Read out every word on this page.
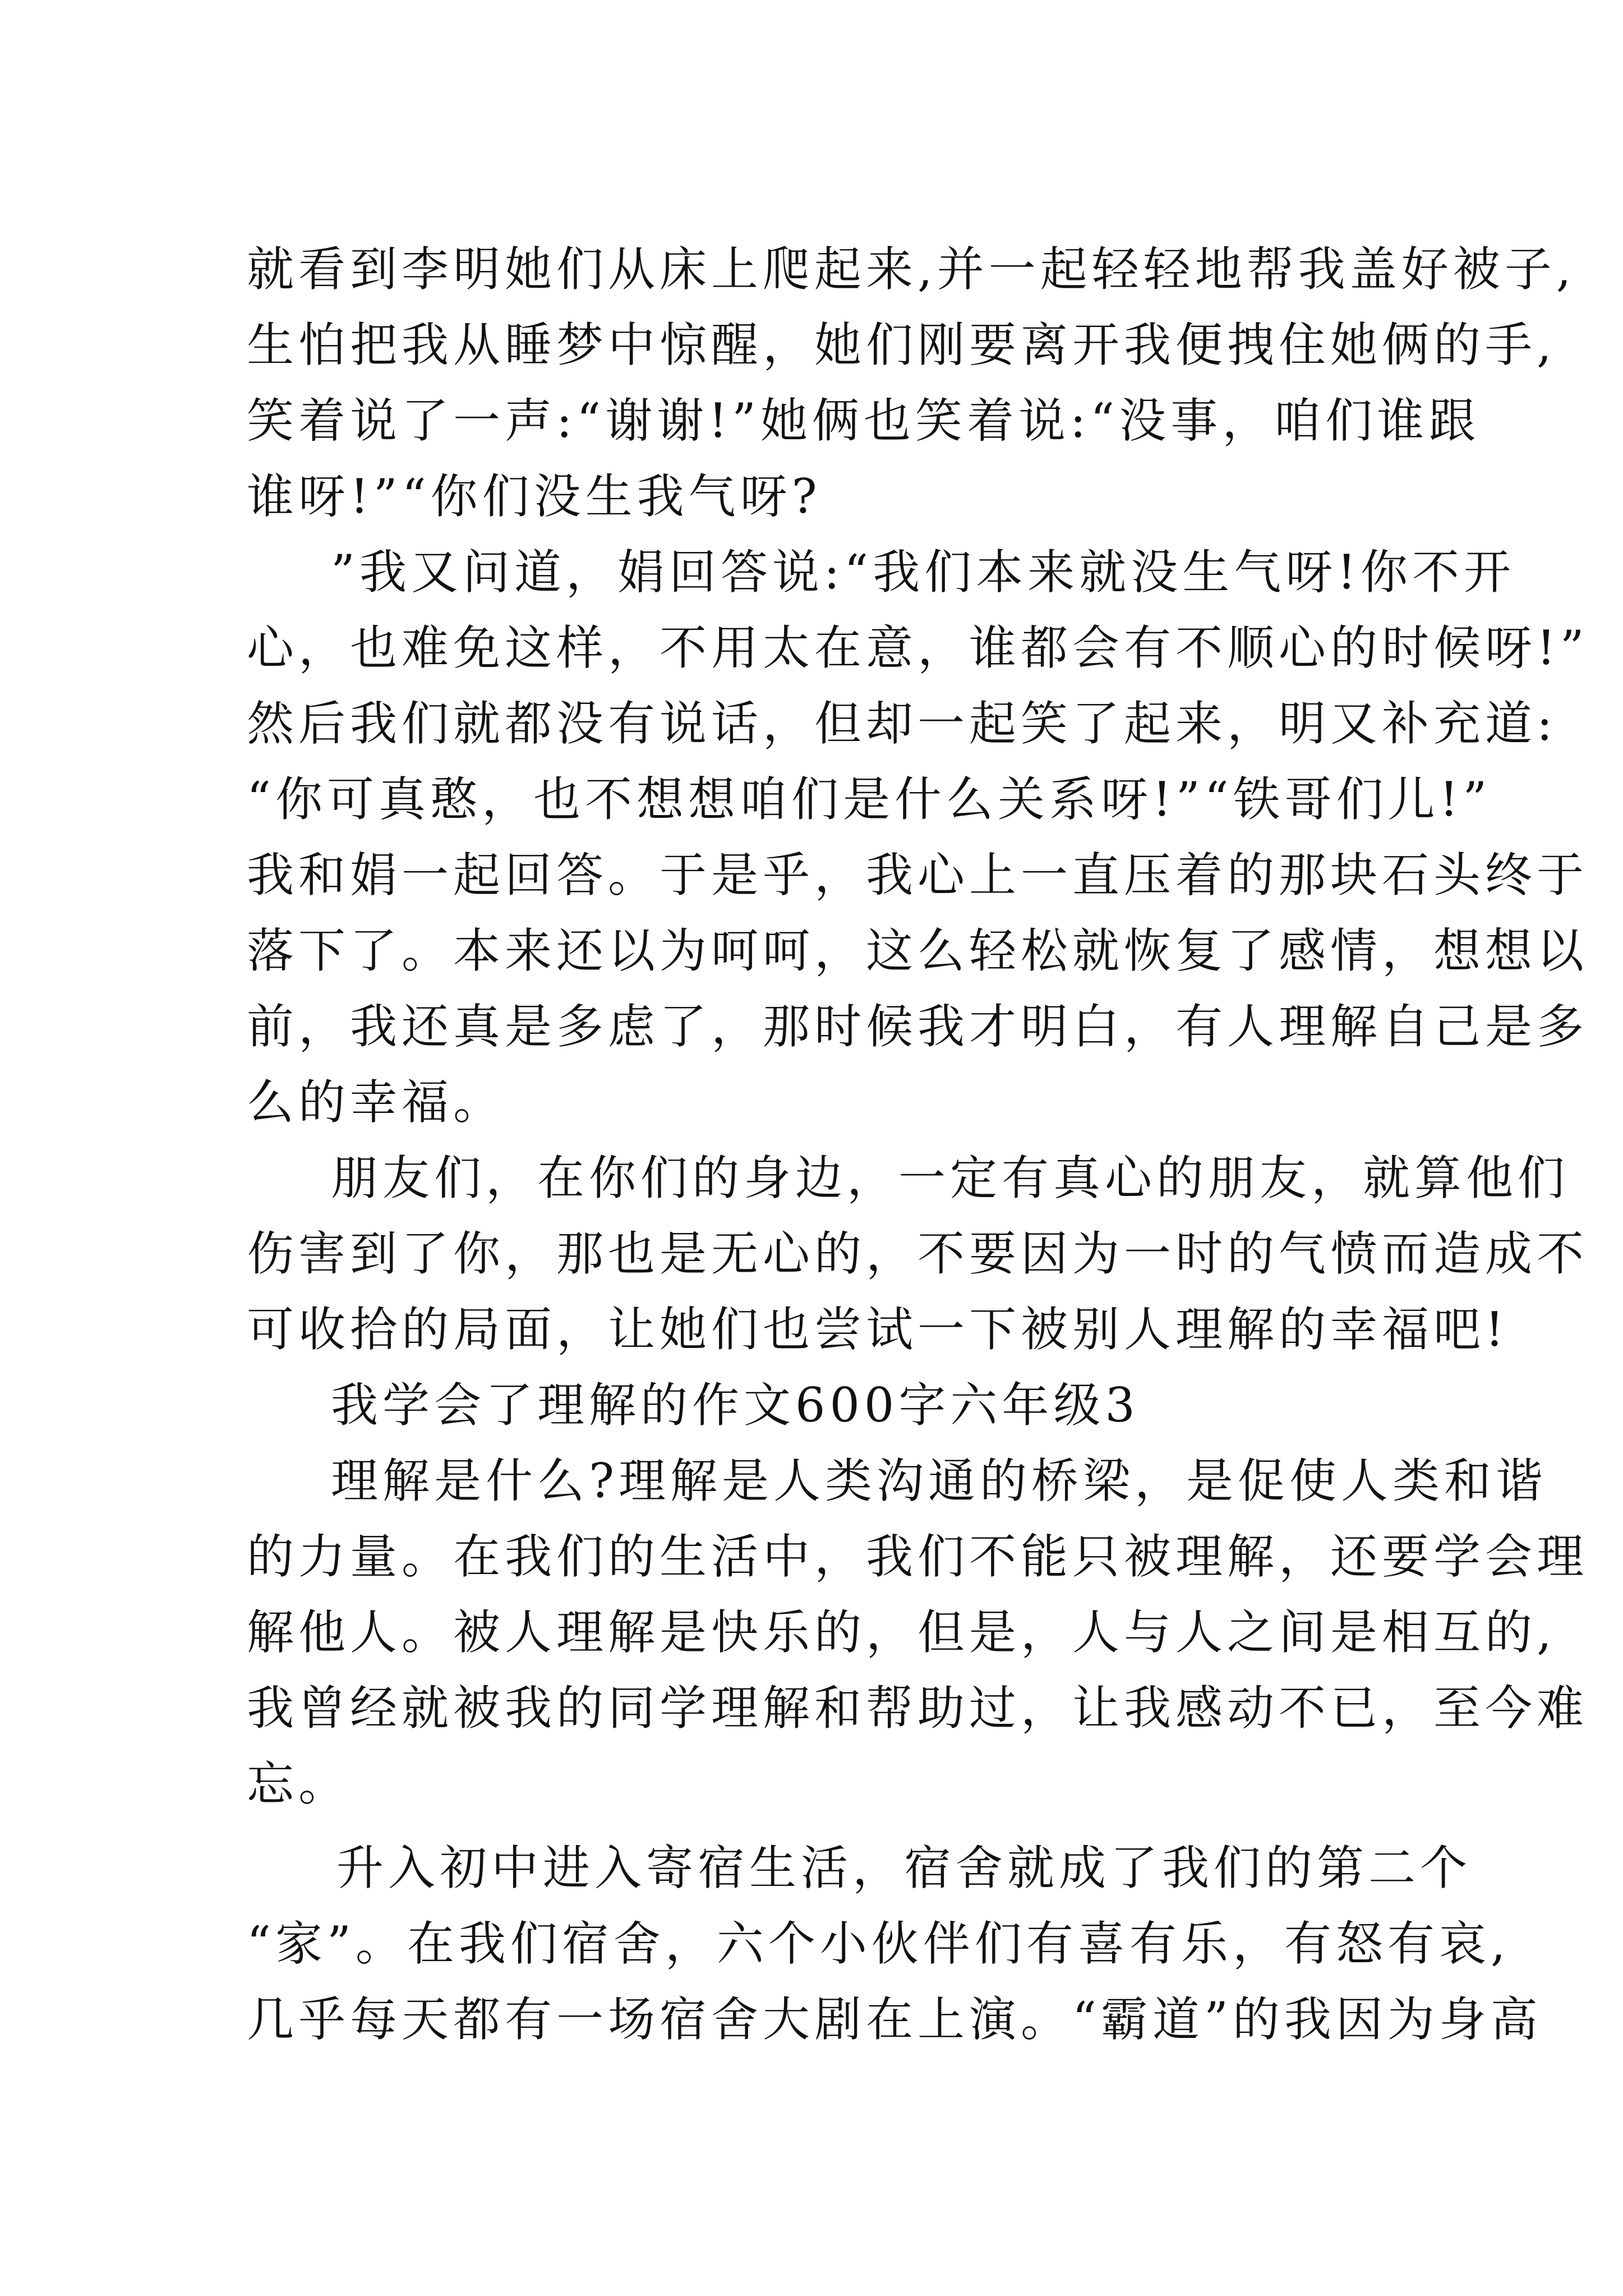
就看到李明她们从床上爬起来,并一起轻轻地帮我盖好被子,
生怕把我从睡梦中惊醒，她们刚要离开我便拽住她俩的手,
笑着说了一声:“谢谢!”她俩也笑着说:“没事，咱们谁跟
谁呀!”“你们没生我气呀?
”我又问道，娟回答说:“我们本来就没生气呀!你不开
心，也难免这样，不用太在意，谁都会有不顺心的时候呀!”
然后我们就都没有说话，但却一起笑了起来，明又补充道:
“你可真憨，也不想想咱们是什么关系呀!”“铁哥们儿!”
我和娟一起回答。于是乎，我心上一直压着的那块石头终于
落下了。本来还以为呵呵，这么轻松就恢复了感情，想想以
前，我还真是多虑了，那时候我才明白，有人理解自己是多
么的幸福。
朋友们，在你们的身边，一定有真心的朋友，就算他们
伤害到了你，那也是无心的，不要因为一时的气愤而造成不
可收拾的局面，让她们也尝试一下被别人理解的幸福吧!
我学会了理解的作文600字六年级3
理解是什么?理解是人类沟通的桥梁，是促使人类和谐
的力量。在我们的生活中，我们不能只被理解，还要学会理
解他人。被人理解是快乐的，但是，人与人之间是相互的,
我曾经就被我的同学理解和帮助过，让我感动不已，至今难
忘。
升入初中进入寄宿生活，宿舍就成了我们的第二个
“家”。在我们宿舍，六个小伙伴们有喜有乐，有怒有哀,
几乎每天都有一场宿舍大剧在上演。“霸道”的我因为身高
